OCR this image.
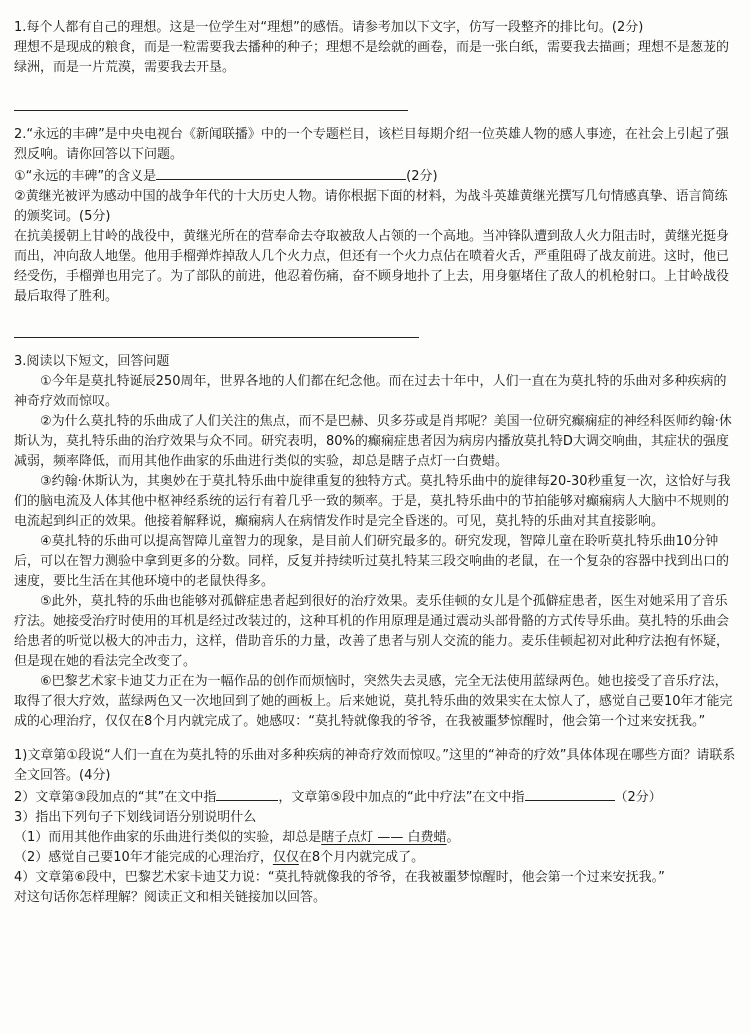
1.每个人都有自己的理想。这是一位学生对“理想”的感悟。请参考加以下文字，仿写一段整齐的排比句。(2分)

理想不是现成的粮食，而是一粒需要我去播种的种子；理想不是绘就的画卷，而是一张白纸，需要我去描画；理想不是葱茏的绿洲，而是一片荒漠，需要我去开垦。

2.“永远的丰碑”是中央电视台《新闻联播》中的一个专题栏目，该栏目每期介绍一位英雄人物的感人事迹，在社会上引起了强烈反响。请你回答以下问题。

①“永远的丰碑”的含义是	(2分)

②黄继光被评为感动中国的战争年代的十大历史人物。请你根据下面的材料，为战斗英雄黄继光撰写几句情感真挚、语言简练的颁奖词。(5分)

在抗美援朝上甘岭的战役中，黄继光所在的营奉命去夺取被敌人占领的一个高地。当冲锋队遭到敌人火力阻击时，黄继光挺身而出，冲向敌人地堡。他用手榴弹炸掉敌人几个火力点，但还有一个火力点佔在喷着火舌，严重阻碍了战友前进。这时，他已经受伤，手榴弹也用完了。为了部队的前进，他忍着伤痛，奋不顾身地扑了上去，用身躯堵住了敌人的机枪射口。上甘岭战役最后取得了胜利。

3.阅读以下短文，回答问题

①今年是莫扎特诞辰250周年，世界各地的人们都在纪念他。而在过去十年中，人们一直在为莫扎特的乐曲对多种疾病的神奇疗效而惊叹。

②为什么莫扎特的乐曲成了人们关注的焦点，而不是巴赫、贝多芬或是肖邦呢？美国一位研究癫痫症的神经科医师约翰·休斯认为，莫扎特乐曲的治疗效果与众不同。研究表明，80%的癫痫症患者因为病房内播放莫扎特D大调交响曲，其症状的强度减弱，频率降低，而用其他作曲家的乐曲进行类似的实验，却总是瞎子点灯一白费蜡。

③约翰·休斯认为，其奥妙在于莫扎特乐曲中旋律重复的独特方式。莫扎特乐曲中的旋律每20-30秒重复一次，这恰好与我们的脑电流及人体其他中枢神经系统的运行有着几乎一致的频率。于是，莫扎特乐曲中的节拍能够对癫痫病人大脑中不规则的电流起到纠正的效果。他接着解释说，癫痫病人在病情发作时是完全昏迷的。可见，莫扎特的乐曲对其直接影响。

④莫扎特的乐曲可以提高智障儿童智力的现象，是目前人们研究最多的。研究发现，智障儿童在聆听莫扎特乐曲10分钟后，可以在智力测验中拿到更多的分数。同样，反复并持续听过莫扎特某三段交响曲的老鼠，在一个复杂的容器中找到出口的速度，要比生活在其他环境中的老鼠快得多。

⑤此外，莫扎特的乐曲也能够对孤僻症患者起到很好的治疗效果。麦乐佳顿的女儿是个孤僻症患者，医生对她采用了音乐疗法。她接受治疗时使用的耳机是经过改装过的，这种耳机的作用原理是通过震动头部骨骼的方式传导乐曲。莫扎特的乐曲会给患者的听觉以极大的冲击力，这样，借助音乐的力量，改善了患者与别人交流的能力。麦乐佳顿起初对此种疗法抱有怀疑，但是现在她的看法完全改变了。

⑥巴黎艺术家卡迪艾力正在为一幅作品的创作而烦恼时，突然失去灵感，完全无法使用蓝绿两色。她也接受了音乐疗法，取得了很大疗效，蓝绿两色又一次地回到了她的画板上。后来她说，莫扎特乐曲的效果实在太惊人了，感觉自己要10年才能完成的心理治疗，仅仅在8个月内就完成了。她感叹：“莫扎特就像我的爷爷，在我被噩梦惊醒时，他会第一个过来安抚我。”

1)文章第①段说“人们一直在为莫扎特的乐曲对多种疾病的神奇疗效而惊叹。”这里的“神奇的疗效”具体体现在哪些方面？请联系全文回答。(4分)

2）文章第③段加点的“其”在文中指	，文章第⑤段中加点的“此中疗法”在文中指	（2分）

3）指出下列句子下划线词语分别说明什么

（1）而用其他作曲家的乐曲进行类似的实验，却总是瞎子点灯 —— 白费蜡。

（2）感觉自己要10年才能完成的心理治疗，仅仅在8个月内就完成了。

4）文章第⑥段中，巴黎艺术家卡迪艾力说：“莫扎特就像我的爷爷，在我被噩梦惊醒时，他会第一个过来安抚我。”

对这句话你怎样理解？阅读正文和相关链接加以回答。
